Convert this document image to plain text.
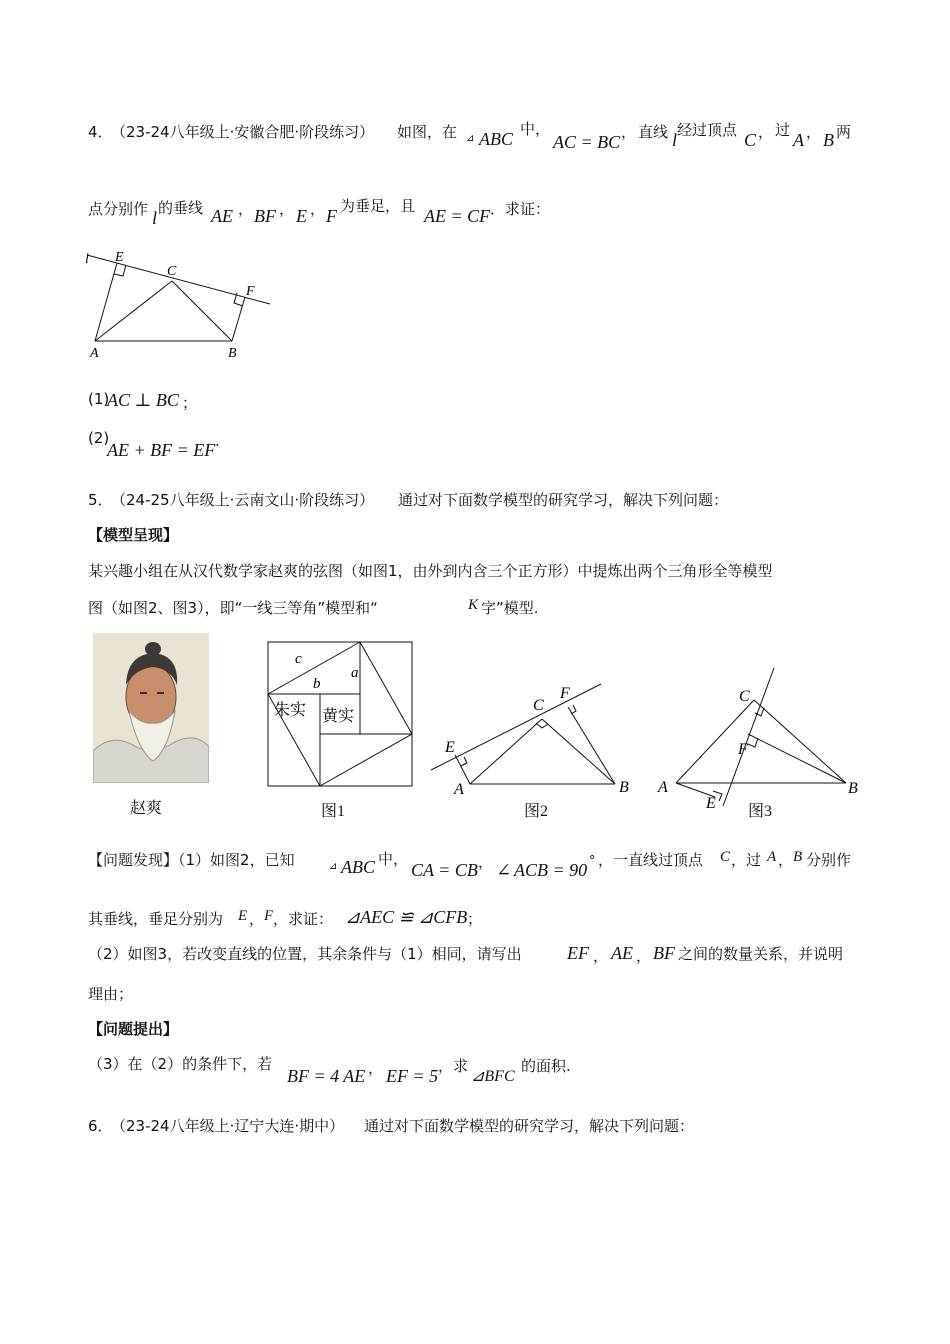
4．
（23-24八年级上·安徽合肥·阶段练习） 如图，在 ⊿ ABC 中，
AC = BC ， 直线 l 经过顶点 C ， 过 A ， B 两
点分别作 l 的垂线 AE ， BF ， E ， F 为垂足，且 AE = CF ．求证：
l E
C
F
A	B
(1)
AC ⊥ BC ；
(2)
AE + BF = EF .
5．
（24-25八年级上·云南文山·阶段练习） 通过对下面数学模型的研究学习，解决下列问题：
【模型呈现】
某兴趣小组在从汉代数学家赵爽的弦图（如图1，由外到内含三个正方形）中提炼出两个三角形全等模型
图（如图2、图3），即“一线三等角”模型和“	K 字”模型.
c
a
b
朱实 黄实
E
C
F
A	B
C
F
A
E
B
赵爽	图1	图2	图3
【问题发现】（1）如图2，已知	⊿ ABC 中，
CA = CB ， ∠ ACB = 90 ° ，一直线过顶点 C ，过 A ， B 分别作
其垂线，垂足分别为 E ， F ，求证： ⊿AEC ≌ ⊿CFB ；
（2）如图3，若改变直线的位置，其余条件与（1）相同，请写出	EF ， AE ， BF 之间的数量关系，并说明
理由；
【问题提出】
（3）在（2）的条件下，若
BF = 4 AE ， EF = 5 ，求
⊿BFC
的面积.
6．
（23-24八年级上·辽宁大连·期中） 通过对下面数学模型的研究学习，解决下列问题：
